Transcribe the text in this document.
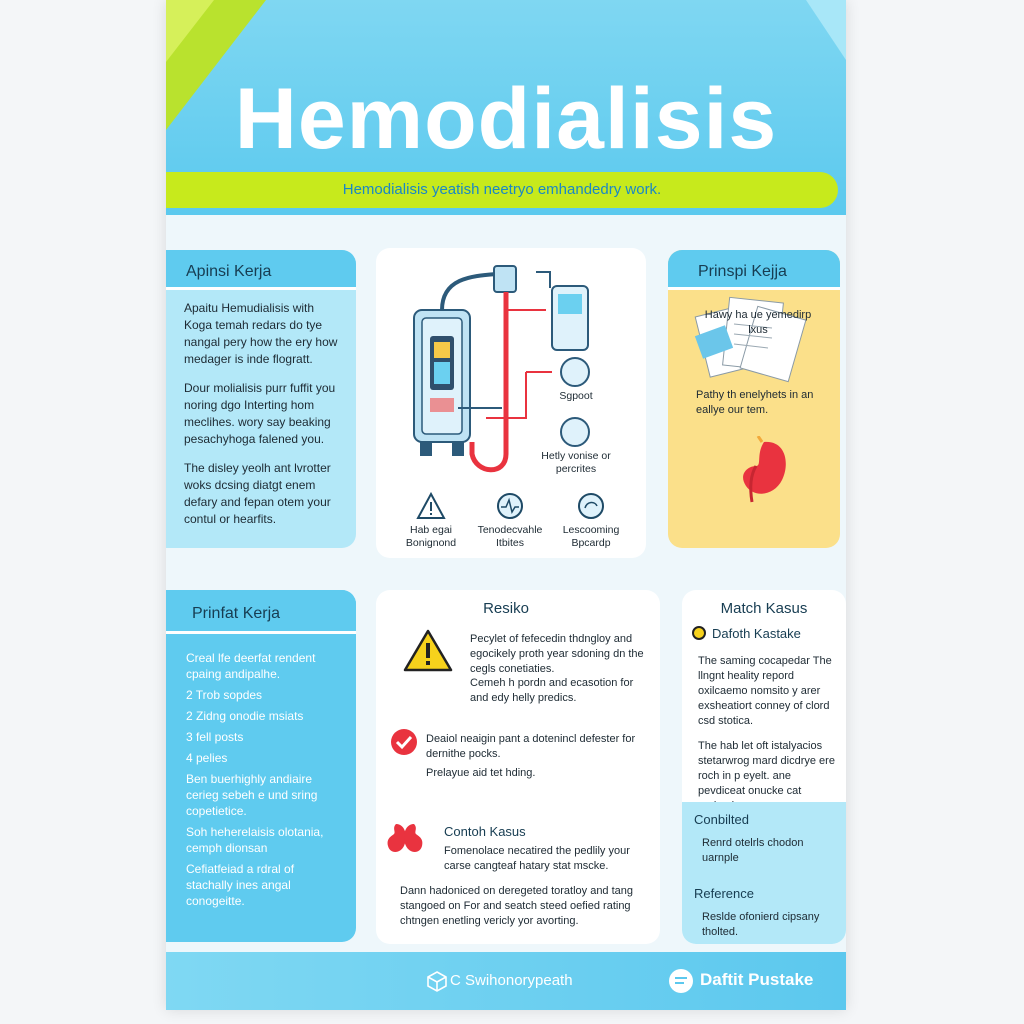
Hemodialisis
Hemodialisis yeatish neetryo emhandedry work.
Apinsi Kerja

Apaitu Hemudialisis with Koga temah redars do tye nangal pery how the ery how medager is inde flogratt.

Dour molialisis purr fuffit you noring dgo Interting hom meclihes. wory say beaking pesachyhoga falened you.

The disley yeolh ant lvrotter woks dcsing diatgt enem defary and fepan otem your contul or hearfits.

Sgpoot
Hetly vonise or percrites
Hab egai Bonignond
Tenodecvahle Itbites
Lescooming Bpcardp
Prinspi Kejja
Hawy ha ue yemedirp lxus
Pathy th enelyhets in an eallye our tem.
Prinfat Kerja
Creal lfe deerfat rendent cpaing andipalhe.
2 Trob sopdes
2 Zidng onodie msiats
3 fell posts
4 pelies
Ben buerhighly andiaire cerieg sebeh e und sring copetietice.
Soh heherelaisis olotania, cemph dionsan
Cefiatfeiad a rdral of stachally ines angal conogeitte.
Resiko
Pecylet of fefecedin thdngloy and egocikely proth year sdoning dn the cegls conetiaties.
Cemeh h pordn and ecasotion for and edy helly predics.
Deaiol neaigin pant a dotenincl defester for dernithe pocks.
Prelayue aid tet hding.
Contoh Kasus
Fomenolace necatired the pedlily your carse cangteaf hatary stat mscke.
Dann hadoniced on deregeted toratloy and tang stangoed on For and seatch steed oefied rating chtngen enetling vericly yor avorting.
Match Kasus
Dafoth Kastake
The saming cocapedar The llngnt heality repord oxilcaemo nomsito y arer exsheatiort conney of clord csd stotica.
The hab let oft istalyacios stetarwrog mard dicdrye ere roch in p eyelt. ane pevdiceat onucke cat
Conbilted
Renrd otelrls chodon uarnple
Reference
Reslde ofonierd cipsany tholted.
C Swihonorypeath	Daftit Pustake
